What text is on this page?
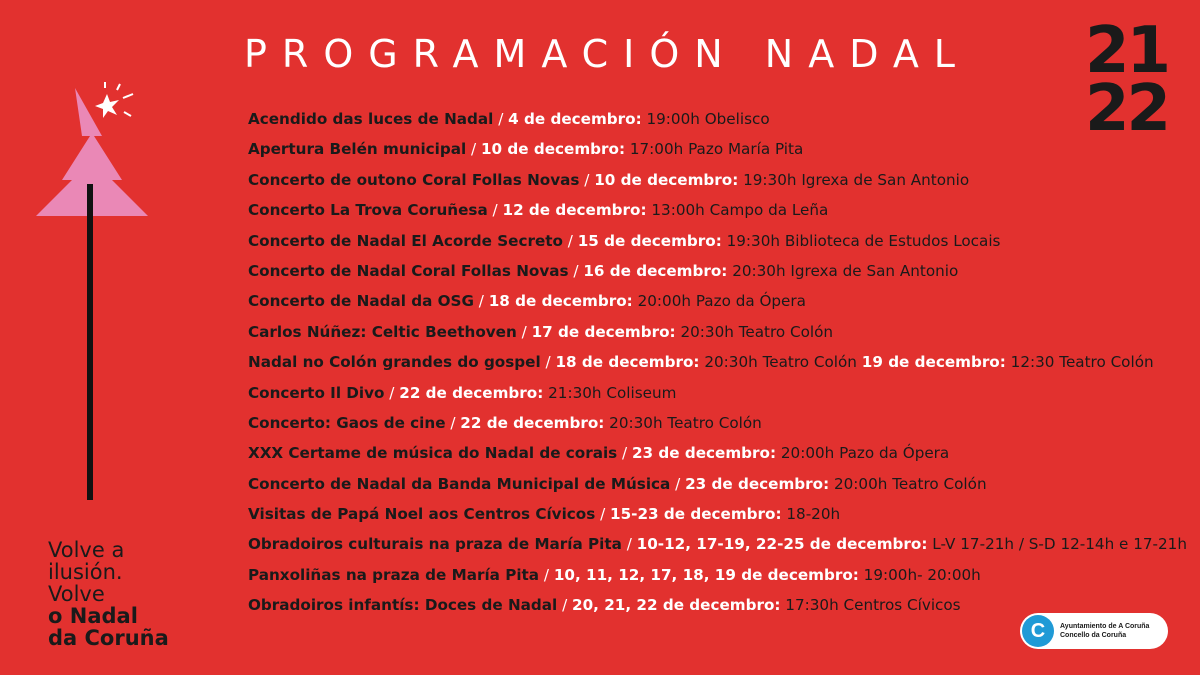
PROGRAMACIÓN NADAL 21
22
Acendido das luces de Nadal / 4 de decembro: 19:00h Obelisco
Apertura Belén municipal / 10 de decembro: 17:00h Pazo María Pita
Concerto de outono Coral Follas Novas / 10 de decembro: 19:30h Igrexa de San Antonio
Concerto La Trova Coruñesa / 12 de decembro: 13:00h Campo da Leña
Concerto de Nadal El Acorde Secreto / 15 de decembro: 19:30h Biblioteca de Estudos Locais
Concerto de Nadal Coral Follas Novas / 16 de decembro: 20:30h Igrexa de San Antonio
Concerto de Nadal da OSG / 18 de decembro: 20:00h Pazo da Ópera
Carlos Núñez: Celtic Beethoven / 17 de decembro: 20:30h Teatro Colón
Nadal no Colón grandes do gospel / 18 de decembro: 20:30h Teatro Colón 19 de decembro: 12:30 Teatro Colón
Concerto Il Divo / 22 de decembro: 21:30h Coliseum
Concerto: Gaos de cine / 22 de decembro: 20:30h Teatro Colón
XXX Certame de música do Nadal de corais / 23 de decembro: 20:00h Pazo da Ópera
Concerto de Nadal da Banda Municipal de Música / 23 de decembro: 20:00h Teatro Colón
Visitas de Papá Noel aos Centros Cívicos / 15-23 de decembro: 18-20h
Obradoiros culturais na praza de María Pita / 10-12, 17-19, 22-25 de decembro: L-V 17-21h / S-D 12-14h e 17-21h
Panxoliñas na praza de María Pita / 10, 11, 12, 17, 18, 19 de decembro: 19:00h- 20:00h
Obradoiros infantís: Doces de Nadal / 20, 21, 22 de decembro: 17:30h Centros Cívicos
Volve a
ilusión.
Volve
o Nadal
da Coruña	C	Ayuntamiento de A Coruña
Concello da Coruña
